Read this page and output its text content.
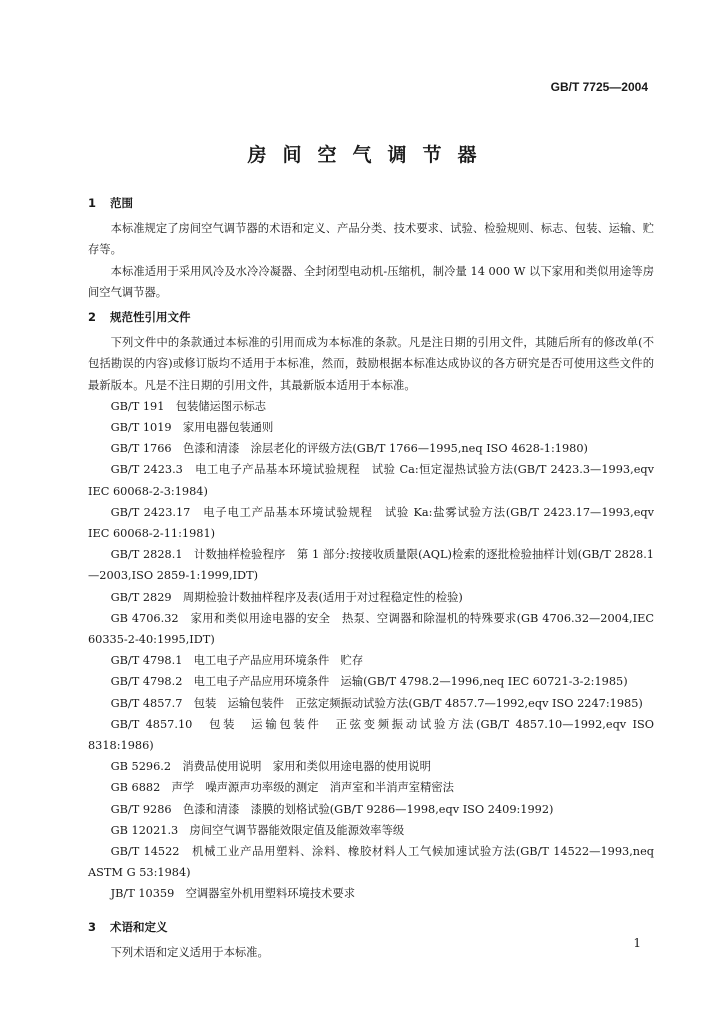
GB/T 7725—2004
房间空气调节器
1 范围

本标准规定了房间空气调节器的术语和定义、产品分类、技术要求、试验、检验规则、标志、包装、运输、贮存等。

本标准适用于采用风冷及水冷冷凝器、全封闭型电动机-压缩机，制冷量 14 000 W 以下家用和类似用途等房间空气调节器。

2 规范性引用文件

下列文件中的条款通过本标准的引用而成为本标准的条款。凡是注日期的引用文件，其随后所有的修改单(不包括勘误的内容)或修订版均不适用于本标准，然而，鼓励根据本标准达成协议的各方研究是否可使用这些文件的最新版本。凡是不注日期的引用文件，其最新版本适用于本标准。

GB/T 191　包装储运图示标志

GB/T 1019　家用电器包装通则

GB/T 1766　色漆和清漆　涂层老化的评级方法(GB/T 1766—1995,neq ISO 4628-1:1980)

GB/T 2423.3　电工电子产品基本环境试验规程　试验 Ca:恒定湿热试验方法(GB/T 2423.3—1993,eqv IEC 60068-2-3:1984)

GB/T 2423.17　电子电工产品基本环境试验规程　试验 Ka:盐雾试验方法(GB/T 2423.17—1993,eqv IEC 60068-2-11:1981)

GB/T 2828.1　计数抽样检验程序　第 1 部分:按接收质量限(AQL)检索的逐批检验抽样计划(GB/T 2828.1—2003,ISO 2859-1:1999,IDT)

GB/T 2829　周期检验计数抽样程序及表(适用于对过程稳定性的检验)

GB 4706.32　家用和类似用途电器的安全　热泵、空调器和除湿机的特殊要求(GB 4706.32—2004,IEC 60335-2-40:1995,IDT)

GB/T 4798.1　电工电子产品应用环境条件　贮存

GB/T 4798.2　电工电子产品应用环境条件　运输(GB/T 4798.2—1996,neq IEC 60721-3-2:1985)

GB/T 4857.7　包装　运输包装件　正弦定频振动试验方法(GB/T 4857.7—1992,eqv ISO 2247:1985)

GB/T 4857.10　包装　运输包装件　正弦变频振动试验方法(GB/T 4857.10—1992,eqv ISO 8318:1986)

GB 5296.2　消费品使用说明　家用和类似用途电器的使用说明

GB 6882　声学　噪声源声功率级的测定　消声室和半消声室精密法

GB/T 9286　色漆和清漆　漆膜的划格试验(GB/T 9286—1998,eqv ISO 2409:1992)

GB 12021.3　房间空气调节器能效限定值及能源效率等级

GB/T 14522　机械工业产品用塑料、涂料、橡胶材料人工气候加速试验方法(GB/T 14522—1993,neq ASTM G 53:1984)

JB/T 10359　空调器室外机用塑料环境技术要求

3 术语和定义

下列术语和定义适用于本标准。

1
